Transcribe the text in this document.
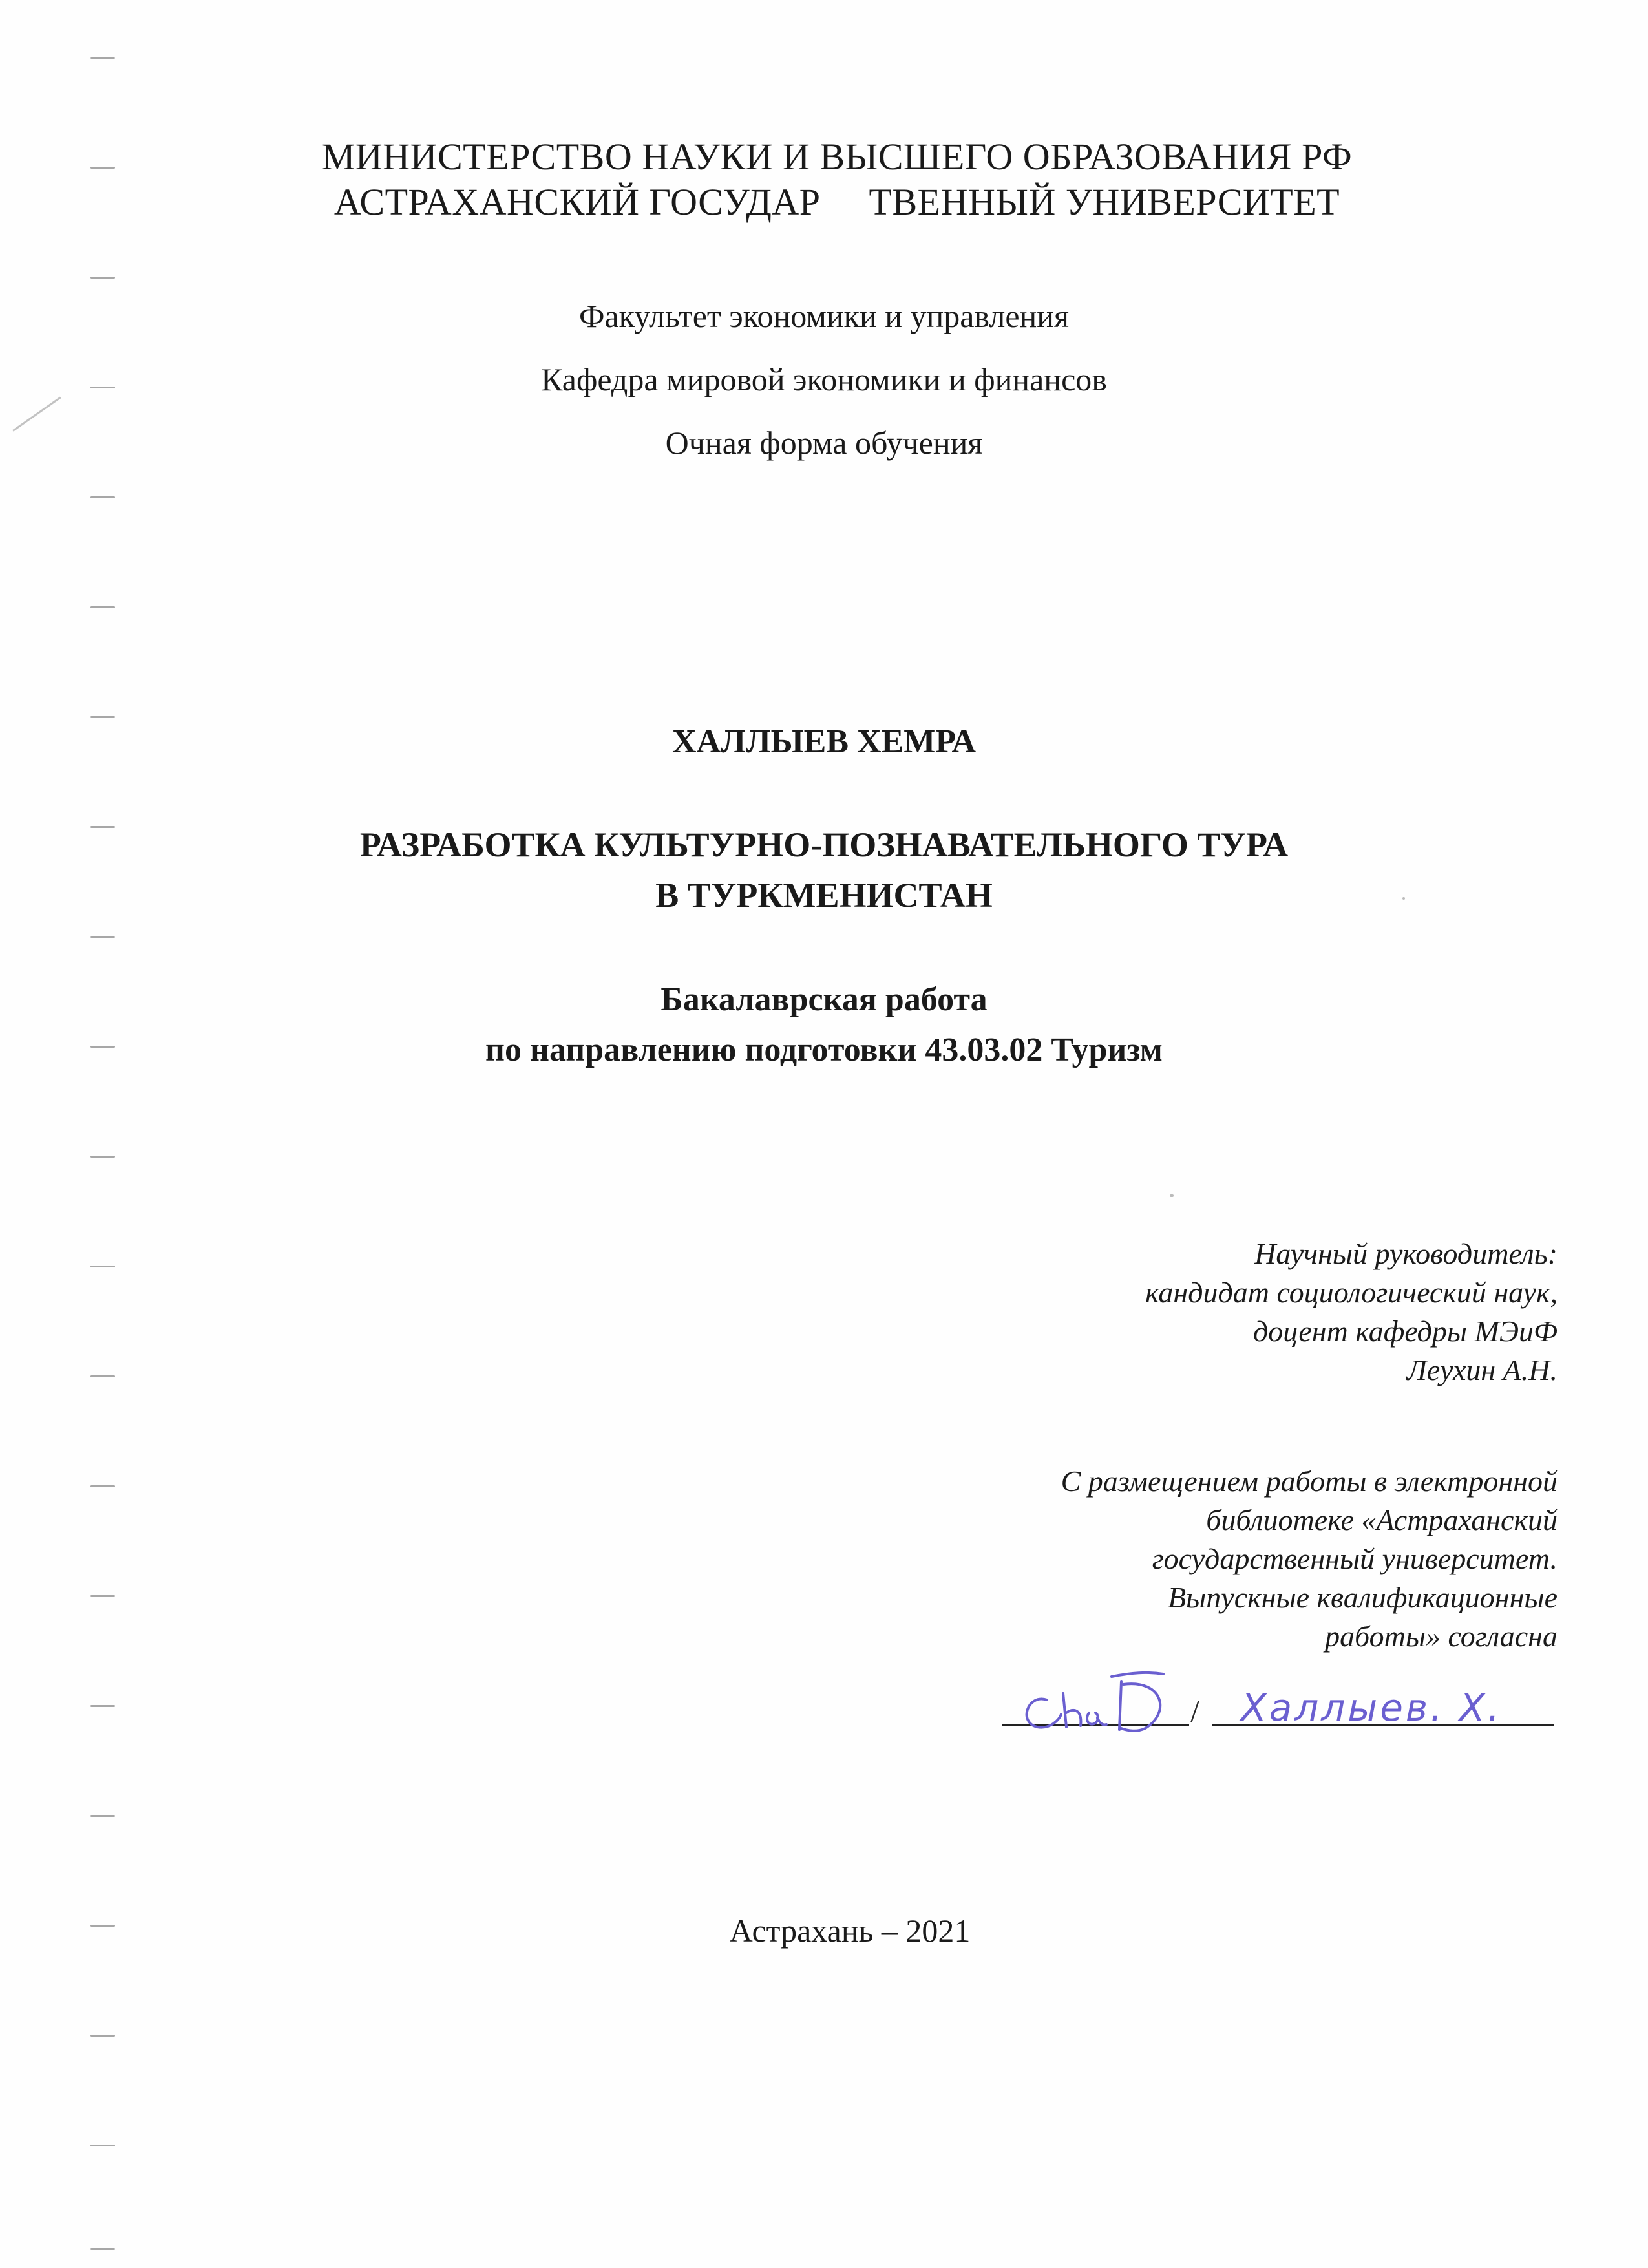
МИНИСТЕРСТВО НАУКИ И ВЫСШЕГО ОБРАЗОВАНИЯ РФ
АСТРАХАНСКИЙ ГОСУДАР     ТВЕННЫЙ УНИВЕРСИТЕТ
Факультет экономики и управления
Кафедра мировой экономики и финансов
Очная форма обучения
ХАЛЛЫЕВ ХЕМРА
РАЗРАБОТКА КУЛЬТУРНО-ПОЗНАВАТЕЛЬНОГО ТУРА
В ТУРКМЕНИСТАН
Бакалаврская работа
по направлению подготовки 43.03.02 Туризм
Научный руководитель:
кандидат социологический наук,
доцент кафедры МЭиФ
Леухин А.Н.
С размещением работы в электронной
библиотеке «Астраханский
государственный университет.
Выпускные квалификационные
работы» согласна
/ Халлыев. Х.
Астрахань – 2021
